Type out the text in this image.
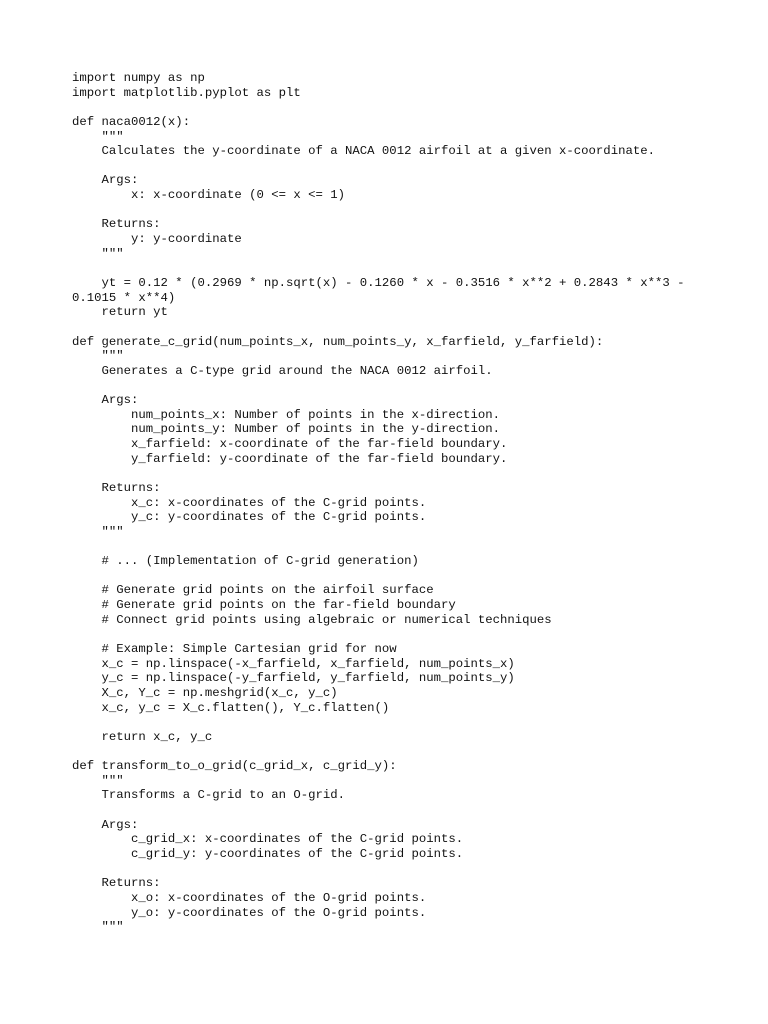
import numpy as np
import matplotlib.pyplot as plt
def naca0012(x):
"""
Calculates the y-coordinate of a NACA 0012 airfoil at a given x-coordinate.
Args:
x: x-coordinate (0 <= x <= 1)
Returns:
y: y-coordinate
"""
yt = 0.12 * (0.2969 * np.sqrt(x) - 0.1260 * x - 0.3516 * x**2 + 0.2843 * x**3 -
0.1015 * x**4)
return yt
def generate_c_grid(num_points_x, num_points_y, x_farfield, y_farfield):
"""
Generates a C-type grid around the NACA 0012 airfoil.
Args:
num_points_x: Number of points in the x-direction.
num_points_y: Number of points in the y-direction.
x_farfield: x-coordinate of the far-field boundary.
y_farfield: y-coordinate of the far-field boundary.
Returns:
x_c: x-coordinates of the C-grid points.
y_c: y-coordinates of the C-grid points.
"""
# ... (Implementation of C-grid generation)
# Generate grid points on the airfoil surface
# Generate grid points on the far-field boundary
# Connect grid points using algebraic or numerical techniques
# Example: Simple Cartesian grid for now
x_c = np.linspace(-x_farfield, x_farfield, num_points_x)
y_c = np.linspace(-y_farfield, y_farfield, num_points_y)
X_c, Y_c = np.meshgrid(x_c, y_c)
x_c, y_c = X_c.flatten(), Y_c.flatten()
return x_c, y_c
def transform_to_o_grid(c_grid_x, c_grid_y):
"""
Transforms a C-grid to an O-grid.
Args:
c_grid_x: x-coordinates of the C-grid points.
c_grid_y: y-coordinates of the C-grid points.
Returns:
x_o: x-coordinates of the O-grid points.
y_o: y-coordinates of the O-grid points.
"""
